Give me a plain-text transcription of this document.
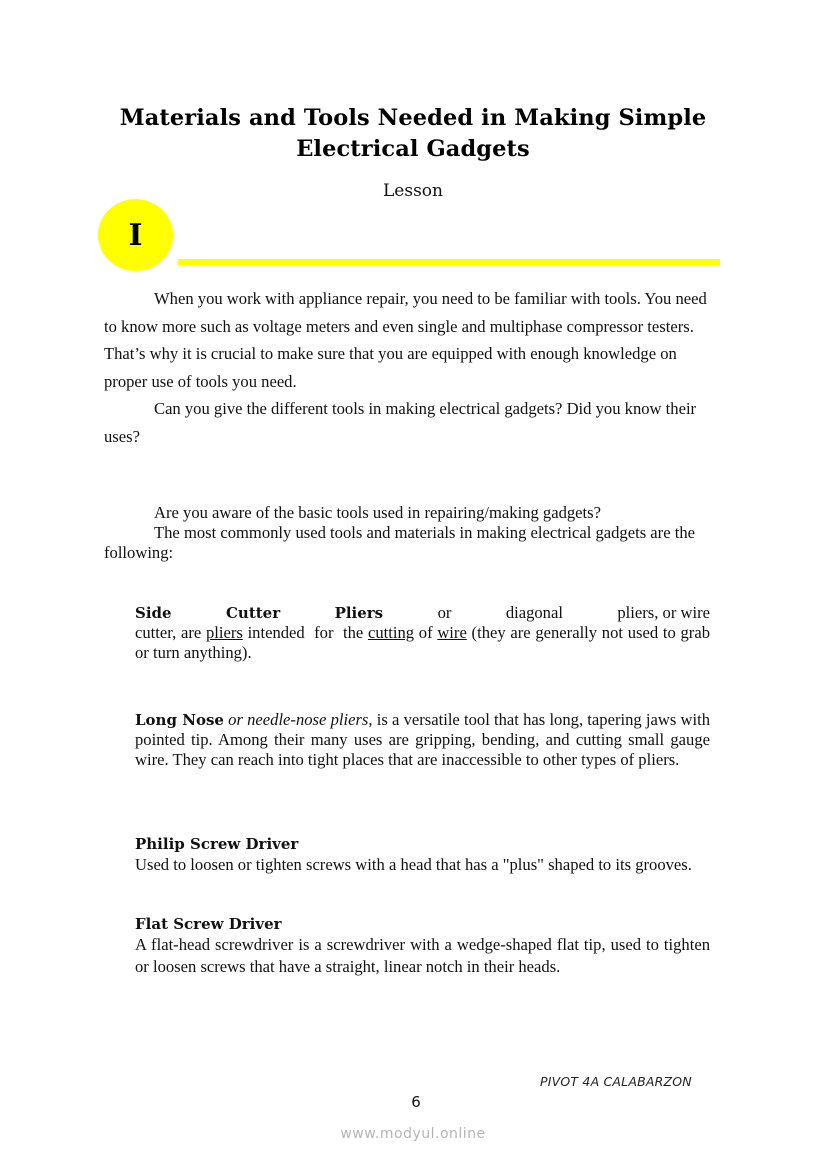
Materials and Tools Needed in Making Simple Electrical Gadgets
Lesson
I

When you work with appliance repair, you need to be familiar with tools. You need to know more such as voltage meters and even single and multiphase compressor testers. That’s why it is crucial to make sure that you are equipped with enough knowledge on proper use of tools you need.

Can you give the different tools in making electrical gadgets? Did you know their uses?

Are you aware of the basic tools used in repairing/making gadgets?

The most commonly used tools and materials in making electrical gadgets are the following:

Side	Cutter	Pliers	or	diagonal	pliers, or wire
cutter, are pliers intended  for  the cutting of wire (they are generally not used to grab or turn anything).
Long Nose or needle-nose pliers, is a versatile tool that has long, tapering jaws with pointed tip. Among their many uses are gripping, bending, and cutting small gauge wire. They can reach into tight places that are inaccessible to other types of pliers.
Philip Screw Driver
Used to loosen or tighten screws with a head that has a "plus" shaped to its grooves.
Flat Screw Driver
A flat-head screwdriver is a screwdriver with a wedge-shaped flat tip, used to tighten or loosen screws that have a straight, linear notch in their heads.
PIVOT 4A CALABARZON
6
www.modyul.online
